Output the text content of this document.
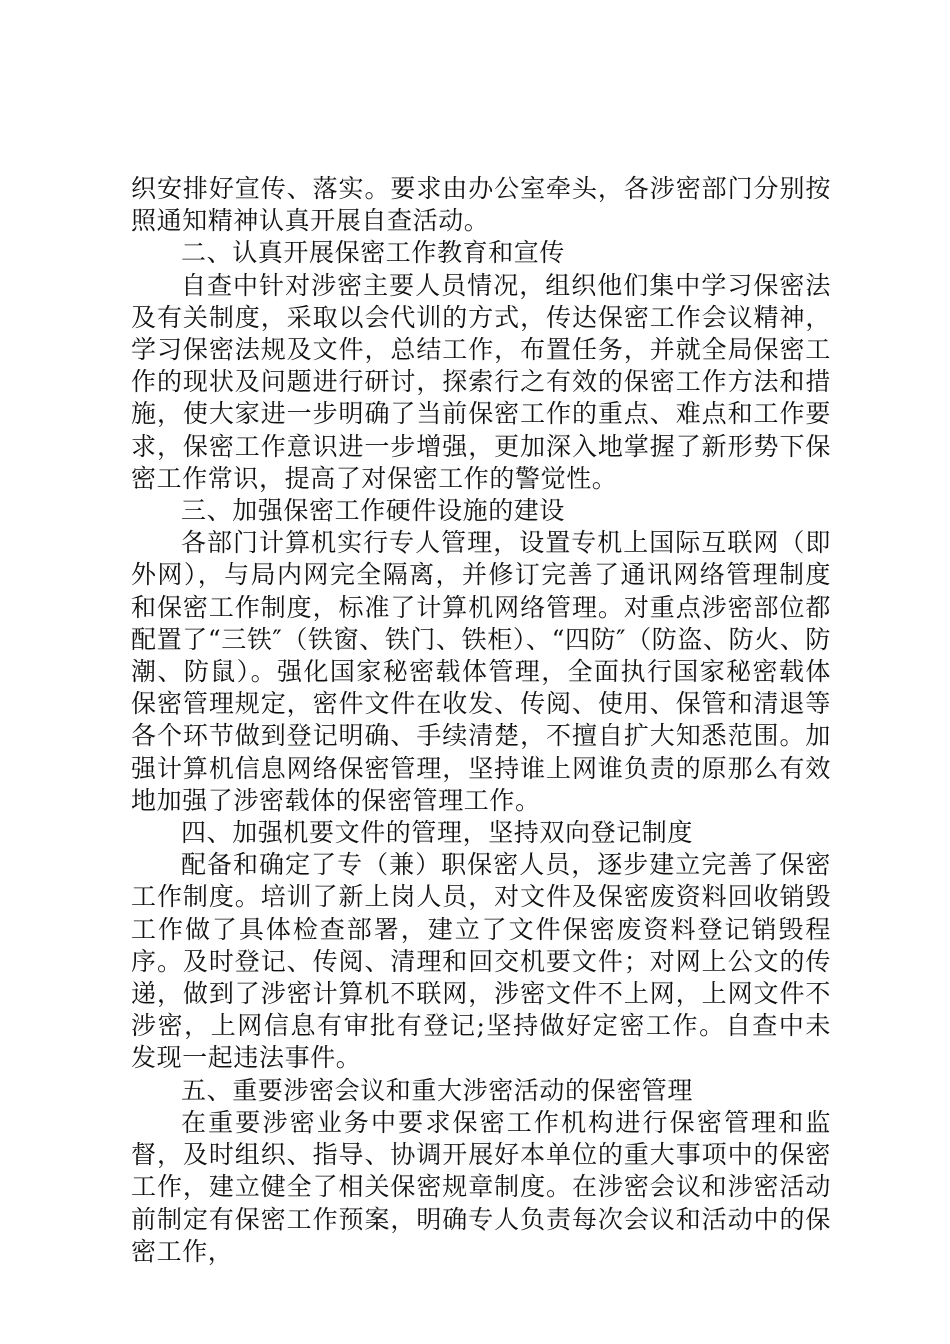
织安排好宣传、落实。要求由办公室牵头，各涉密部门分别按照通知精神认真开展自查活动。

二、认真开展保密工作教育和宣传

自查中针对涉密主要人员情况，组织他们集中学习保密法及有关制度，采取以会代训的方式，传达保密工作会议精神，学习保密法规及文件，总结工作，布置任务，并就全局保密工作的现状及问题进行研讨，探索行之有效的保密工作方法和措施，使大家进一步明确了当前保密工作的重点、难点和工作要求，保密工作意识进一步增强，更加深入地掌握了新形势下保密工作常识，提高了对保密工作的警觉性。

三、加强保密工作硬件设施的建设

各部门计算机实行专人管理，设置专机上国际互联网（即外网），与局内网完全隔离，并修订完善了通讯网络管理制度和保密工作制度，标准了计算机网络管理。对重点涉密部位都配置了“三铁″（铁窗、铁门、铁柜）、“四防″（防盗、防火、防潮、防鼠）。强化国家秘密载体管理，全面执行国家秘密载体保密管理规定，密件文件在收发、传阅、使用、保管和清退等各个环节做到登记明确、手续清楚，不擅自扩大知悉范围。加强计算机信息网络保密管理，坚持谁上网谁负责的原那么有效地加强了涉密载体的保密管理工作。

四、加强机要文件的管理，坚持双向登记制度

配备和确定了专（兼）职保密人员，逐步建立完善了保密工作制度。培训了新上岗人员，对文件及保密废资料回收销毁工作做了具体检查部署，建立了文件保密废资料登记销毁程序。及时登记、传阅、清理和回交机要文件；对网上公文的传递，做到了涉密计算机不联网，涉密文件不上网，上网文件不涉密，上网信息有审批有登记;坚持做好定密工作。自查中未发现一起违法事件。

五、重要涉密会议和重大涉密活动的保密管理

在重要涉密业务中要求保密工作机构进行保密管理和监督，及时组织、指导、协调开展好本单位的重大事项中的保密工作，建立健全了相关保密规章制度。在涉密会议和涉密活动前制定有保密工作预案，明确专人负责每次会议和活动中的保密工作，
